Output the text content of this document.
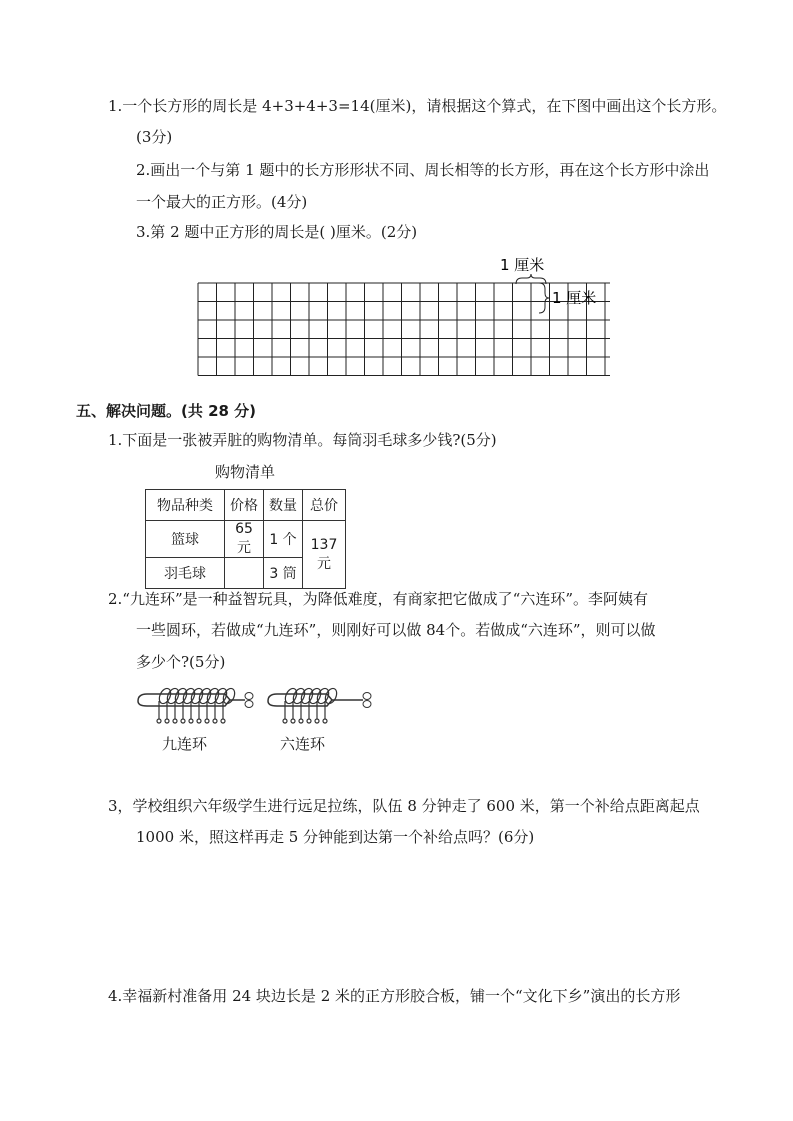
1.一个长方形的周长是 4+3+4+3=14(厘米)，请根据这个算式，在下图中画出这个长方形。
(3分)
2.画出一个与第 1 题中的长方形形状不同、周长相等的长方形，再在这个长方形中涂出
一个最大的正方形。(4分)
3.第 2 题中正方形的周长是( )厘米。(2分)
1 厘米
1 厘米
五、解决问题。(共 28 分)
1.下面是一张被弄脏的购物清单。每筒羽毛球多少钱?(5分)
购物清单
物品种类	价格	数量	总价
篮球	65 元	1 个	137 元
羽毛球		3 筒	
2.“九连环”是一种益智玩具，为降低难度，有商家把它做成了“六连环”。李阿姨有
一些圆环，若做成“九连环”，则刚好可以做 84个。若做成“六连环”，则可以做
多少个?(5分)
九连环	六连环
3，学校组织六年级学生进行远足拉练，队伍 8 分钟走了 600 米，第一个补给点距离起点
1000 米，照这样再走 5 分钟能到达第一个补给点吗？(6分)
4.幸福新村准备用 24 块边长是 2 米的正方形胶合板，铺一个“文化下乡”演出的长方形
